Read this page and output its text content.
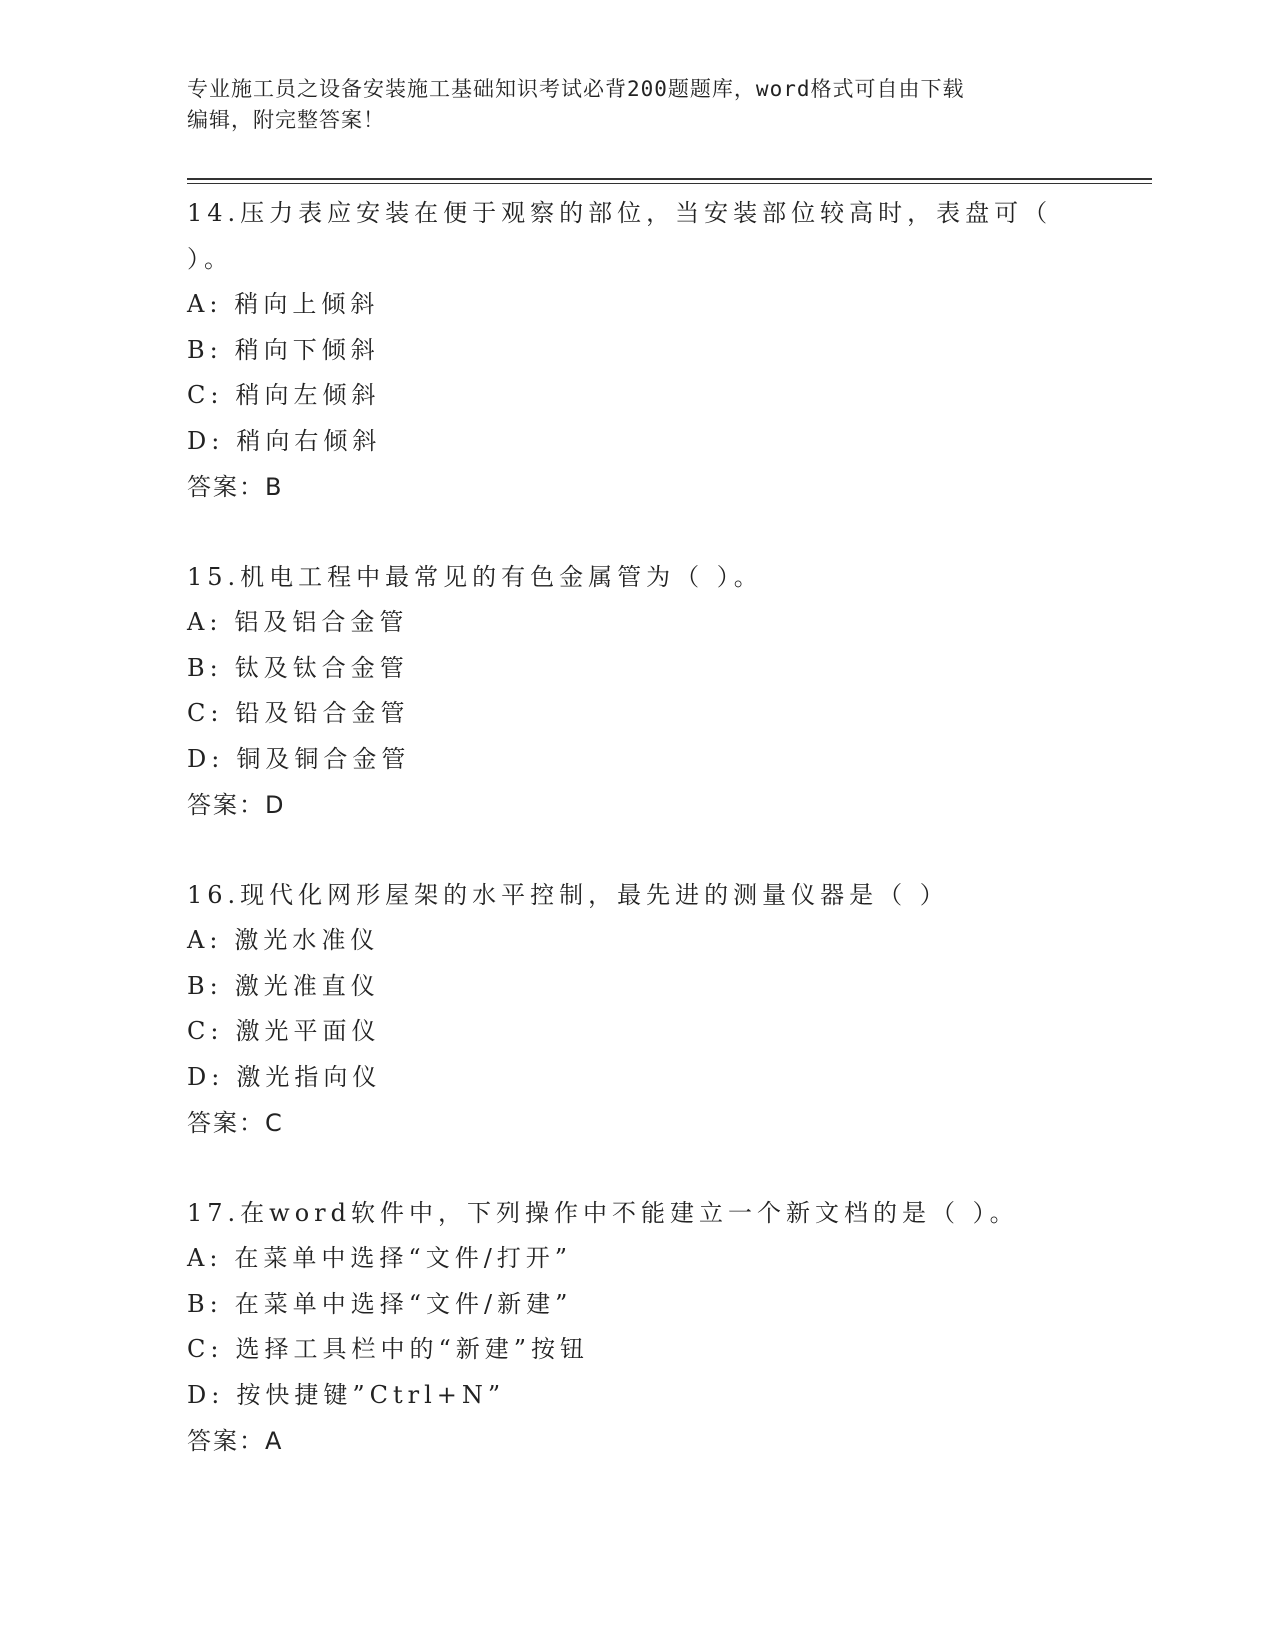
专业施工员之设备安装施工基础知识考试必背200题题库，word格式可自由下载
编辑，附完整答案！
14.压力表应安装在便于观察的部位，当安装部位较高时，表盘可（
）。
A: 稍向上倾斜
B: 稍向下倾斜
C: 稍向左倾斜
D: 稍向右倾斜
答案：B
15.机电工程中最常见的有色金属管为（ ）。
A: 铝及铝合金管
B: 钛及钛合金管
C: 铅及铅合金管
D: 铜及铜合金管
答案：D
16.现代化网形屋架的水平控制，最先进的测量仪器是（ ）
A: 激光水准仪
B: 激光准直仪
C: 激光平面仪
D: 激光指向仪
答案：C
17.在word软件中，下列操作中不能建立一个新文档的是（ ）。
A: 在菜单中选择“文件/打开”
B: 在菜单中选择“文件/新建”
C: 选择工具栏中的“新建”按钮
D: 按快捷键”Ctrl+N”
答案：A
